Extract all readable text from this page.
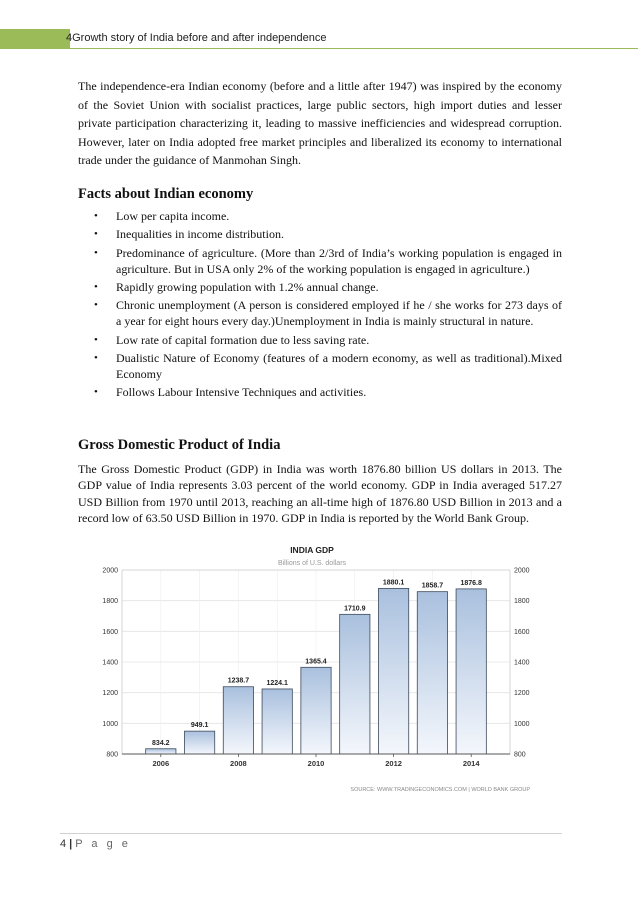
4Growth story of India before and after independence

The independence-era Indian economy (before and a little after 1947) was inspired by the economy of the Soviet Union with socialist practices, large public sectors, high import duties and lesser private participation characterizing it, leading to massive inefficiencies and widespread corruption. However, later on India adopted free market principles and liberalized its economy to international trade under the guidance of Manmohan Singh.

Facts about Indian economy
• Low per capita income.
• Inequalities in income distribution.
• Predominance of agriculture. (More than 2/3rd of India’s working population is engaged in agriculture. But in USA only 2% of the working population is engaged in agriculture.)
• Rapidly growing population with 1.2% annual change.
• Chronic unemployment (A person is considered employed if he / she works for 273 days of a year for eight hours every day.)Unemployment in India is mainly structural in nature.
• Low rate of capital formation due to less saving rate.
• Dualistic Nature of Economy (features of a modern economy, as well as traditional).Mixed Economy
• Follows Labour Intensive Techniques and activities.
Gross Domestic Product of India

The Gross Domestic Product (GDP) in India was worth 1876.80 billion US dollars in 2013. The GDP value of India represents 3.03 percent of the world economy. GDP in India averaged 517.27 USD Billion from 1970 until 2013, reaching an all-time high of 1876.80 USD Billion in 2013 and a record low of 63.50 USD Billion in 1970. GDP in India is reported by the World Bank Group.

INDIA GDP
Billions of U.S. dollars
800
1000
1200
1400
1600
1800
2000
800
1000
1200
1400
1600
1800
2000
834.2
949.1
1238.7 1224.1
1365.4
1710.9
1880.1 1858.7 1876.8
2006	2008	2010	2012	2014
SOURCE: WWW.TRADINGECONOMICS.COM | WORLD BANK GROUP
4 | P a g e
